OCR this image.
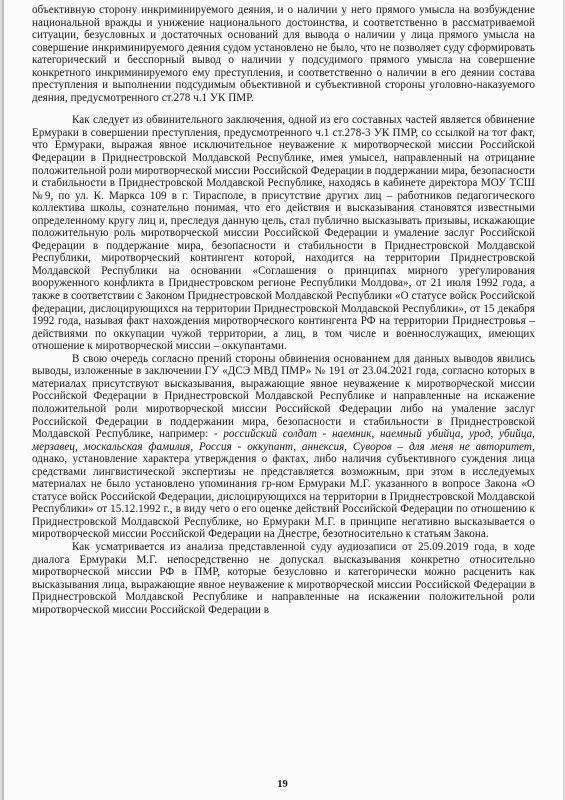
объективную сторону инкриминируемого деяния, и о наличии у него прямого умысла на возбуждение национальной вражды и унижение национального достоинства, и соответственно в рассматриваемой ситуации, безусловных и достаточных оснований для вывода о наличии у лица прямого умысла на совершение инкриминируемого деяния судом установлено не было, что не позволяет суду сформировать категорический и бесспорный вывод о наличии у подсудимого прямого умысла на совершение конкретного инкриминируемого ему преступления, и соответственно о наличии в его деянии состава преступления и выполнении подсудимым объективной и субъективной стороны уголовно-наказуемого деяния, предусмотренного ст.278 ч.1 УК ПМР.

Как следует из обвинительного заключения, одной из его составных частей является обвинение Ермураки в совершении преступления, предусмотренного ч.1 ст.278-3 УК ПМР, со ссылкой на тот факт, что Ермураки, выражая явное исключительное неуважение к миротворческой миссии Российской Федерации в Приднестровской Молдавской Республике, имея умысел, направленный на отрицание положительной роли миротворческой миссии Российской Федерации в поддержании мира, безопасности и стабильности в Приднестровской Молдавской Республике, находясь в кабинете директора МОУ ТСШ №9, по ул. К. Маркса 109 в г. Тирасполе, в присутствие других лиц – работников педагогического коллектива школы, сознательно понимая, что его действия и высказывания становятся известными определенному кругу лиц и, преследуя данную цель, стал публично высказывать призывы, искажающие положительную роль миротворческой миссии Российской Федерации и умаление заслуг Российской Федерации в поддержание мира, безопасности и стабильности в Приднестровской Молдавской Республики, миротворческий контингент которой, находится на территории Приднестровской Молдавской Республики на основании «Соглашения о принципах мирного урегулирования вооруженного конфликта в Приднестровском регионе Республики Молдова», от 21 июля 1992 года, а также в соответствии с Законом Приднестровской Молдавской Республики «О статусе войск Российской федерации, дислоцирующихся на территории Приднестровской Молдавской Республики», от 15 декабря 1992 года, называя факт нахождения миротворческого контингента РФ на территории Приднестровья – действиями по оккупации чужой территории, а лиц, в том числе и военнослужащих, имеющих отношение к миротворческой миссии – оккупантами.

В свою очередь согласно прений стороны обвинения основанием для данных выводов явились выводы, изложенные в заключении ГУ «ДСЭ МВД ПМР» № 191 от 23.04.2021 года, согласно которых в материалах присутствуют высказывания, выражающие явное неуважение к миротворческой миссии Российской Федерации в Приднестровской Молдавской Республике и направленные на искажение положительной роли миротворческой миссии Российской Федерации либо на умаление заслуг Российской Федерации в поддержании мира, безопасности и стабильности в Приднестровской Молдавской Республике, например: - российский солдат - наемник, наемный убийца, урод, убийца, мерзавец, москальская фамилия, Россия - оккупант, аннексия, Суворов – для меня не авторитет, однако, установление характера утверждения о фактах, либо наличия субъективного суждения лица средствами лингвистической экспертизы не представляется возможным, при этом в исследуемых материалах не было установлено упоминания гр-ном Ермураки М.Г. указанного в вопросе Закона «О статусе войск Российской Федерации, дислоцирующихся на территории в Приднестровской Молдавской Республики» от 15.12.1992 г., в виду чего о его оценке действий Российской Федерации по отношению к Приднестровской Молдавской Республике, но Ермураки М.Г. в принципе негативно высказывается о миротворческой миссии Российской Федерации на Днестре, безотносительно к статьям Закона.

Как усматривается из анализа представленной суду аудиозаписи от 25.09.2019 года, в ходе диалога Ермураки М.Г. непосредственно не допускал высказывания конкретно относительно миротворческой миссии РФ в ПМР, которые безусловно и категорически можно расценить как высказывания лица, выражающие явное неуважение к миротворческой миссии Российской Федерации в Приднестровской Молдавской Республике и направленные на искажении положительной роли миротворческой миссии Российской Федерации в

19
